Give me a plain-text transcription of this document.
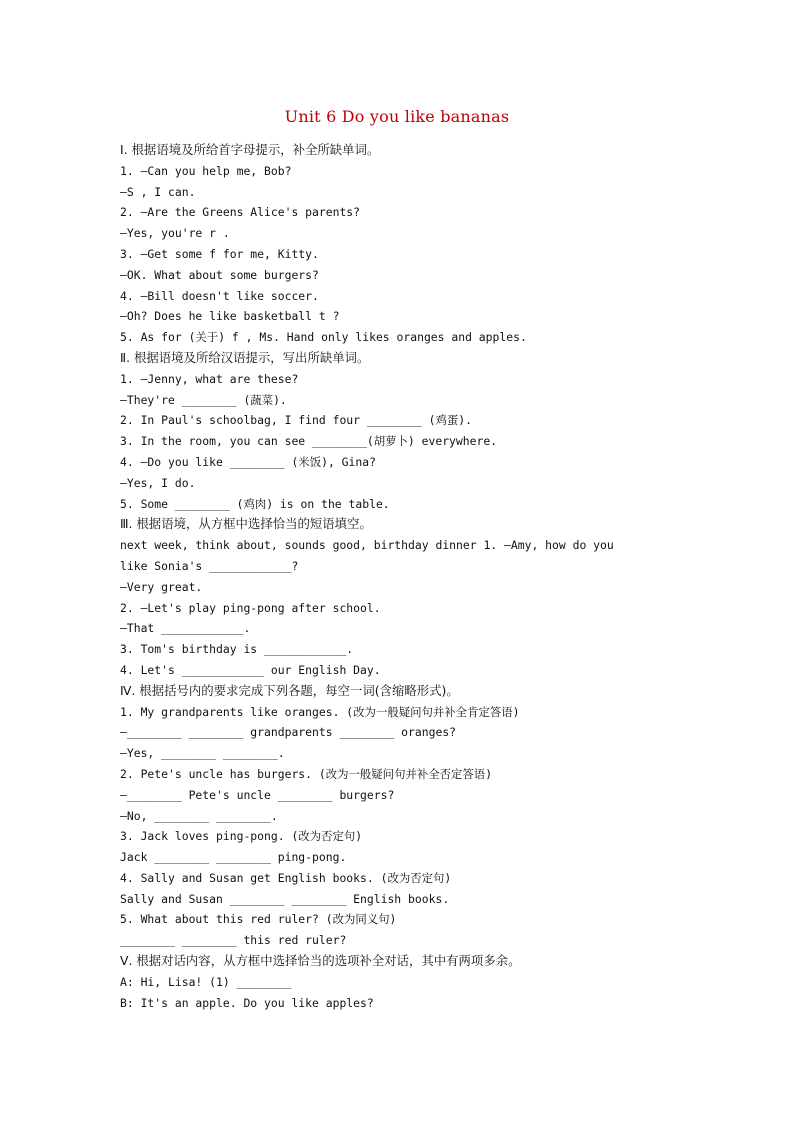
Unit 6 Do you like bananas
Ⅰ. 根据语境及所给首字母提示，补全所缺单词。
1. —Can you help me, Bob?
—S , I can.
2. —Are the Greens Alice's parents?
—Yes, you're r .
3. —Get some f for me, Kitty.
—OK. What about some burgers?
4. —Bill doesn't like soccer.
—Oh? Does he like basketball t ?
5. As for (关于) f , Ms. Hand only likes oranges and apples.
Ⅱ. 根据语境及所给汉语提示，写出所缺单词。
1. —Jenny, what are these?
—They're ________ (蔬菜).
2. In Paul's schoolbag, I find four ________ (鸡蛋).
3. In the room, you can see ________(胡萝卜) everywhere.
4. —Do you like ________ (米饭), Gina?
—Yes, I do.
5. Some ________ (鸡肉) is on the table.
Ⅲ. 根据语境，从方框中选择恰当的短语填空。
next week, think about, sounds good, birthday dinner 1. —Amy, how do you
like Sonia's ____________?
—Very great.
2. —Let's play ping-pong after school.
—That ____________.
3. Tom's birthday is ____________.
4. Let's ____________ our English Day.
Ⅳ. 根据括号内的要求完成下列各题，每空一词(含缩略形式)。
1. My grandparents like oranges. (改为一般疑问句并补全肯定答语)
—________ ________ grandparents ________ oranges?
—Yes, ________ ________.
2. Pete's uncle has burgers. (改为一般疑问句并补全否定答语)
—________ Pete's uncle ________ burgers?
—No, ________ ________.
3. Jack loves ping-pong. (改为否定句)
Jack ________ ________ ping-pong.
4. Sally and Susan get English books. (改为否定句)
Sally and Susan ________ ________ English books.
5. What about this red ruler? (改为同义句)
________ ________ this red ruler?
Ⅴ. 根据对话内容，从方框中选择恰当的选项补全对话，其中有两项多余。
A: Hi, Lisa! (1) ________
B: It's an apple. Do you like apples?
